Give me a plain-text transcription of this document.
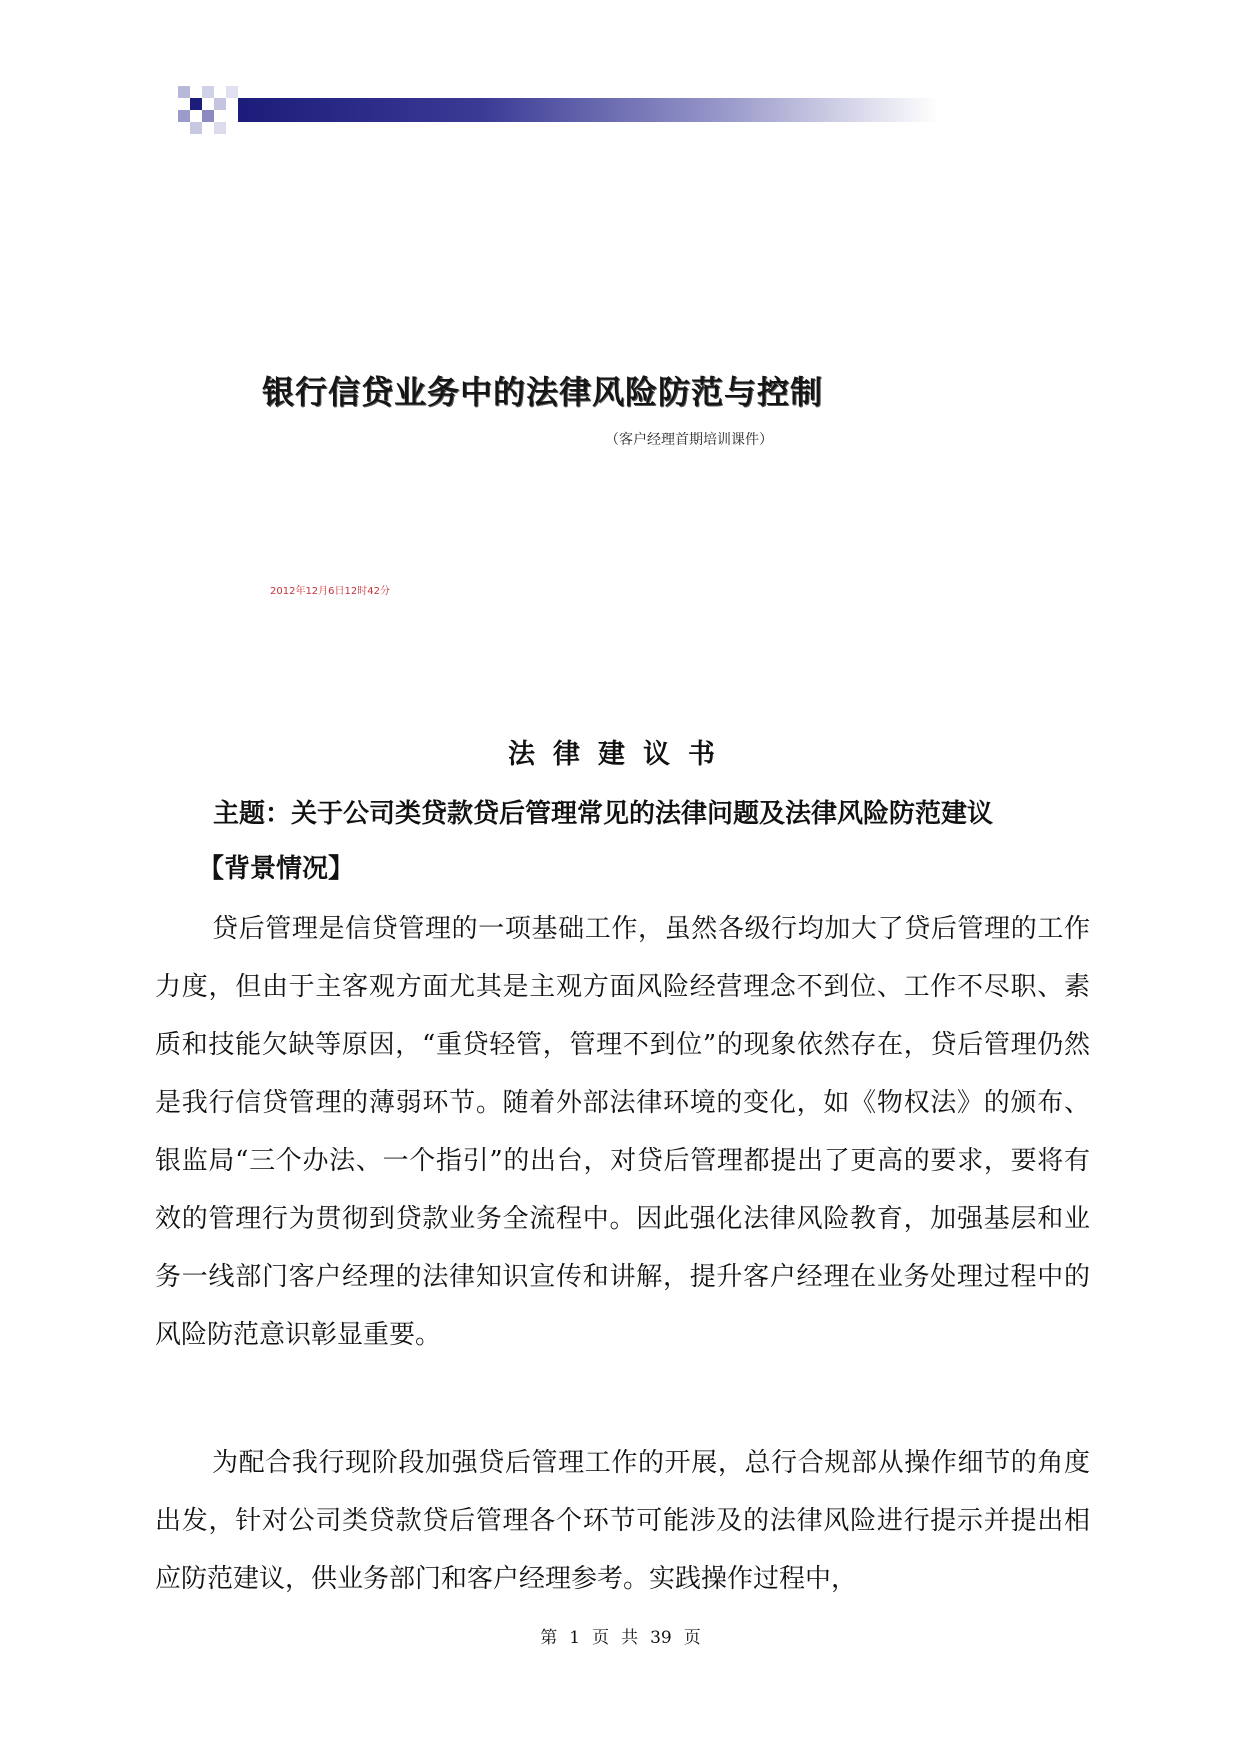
银行信贷业务中的法律风险防范与控制
（客户经理首期培训课件）
2012年12月6日12时42分
法律建议书
主题：关于公司类贷款贷后管理常见的法律问题及法律风险防范建议
【背景情况】

贷后管理是信贷管理的一项基础工作，虽然各级行均加大了贷后管理的工作力度，但由于主客观方面尤其是主观方面风险经营理念不到位、工作不尽职、素质和技能欠缺等原因，“重贷轻管，管理不到位”的现象依然存在，贷后管理仍然是我行信贷管理的薄弱环节。随着外部法律环境的变化，如《物权法》的颁布、银监局“三个办法、一个指引”的出台，对贷后管理都提出了更高的要求，要将有效的管理行为贯彻到贷款业务全流程中。因此强化法律风险教育，加强基层和业务一线部门客户经理的法律知识宣传和讲解，提升客户经理在业务处理过程中的风险防范意识彰显重要。

为配合我行现阶段加强贷后管理工作的开展，总行合规部从操作细节的角度出发，针对公司类贷款贷后管理各个环节可能涉及的法律风险进行提示并提出相应防范建议，供业务部门和客户经理参考。实践操作过程中，

第 1 页 共 39 页
